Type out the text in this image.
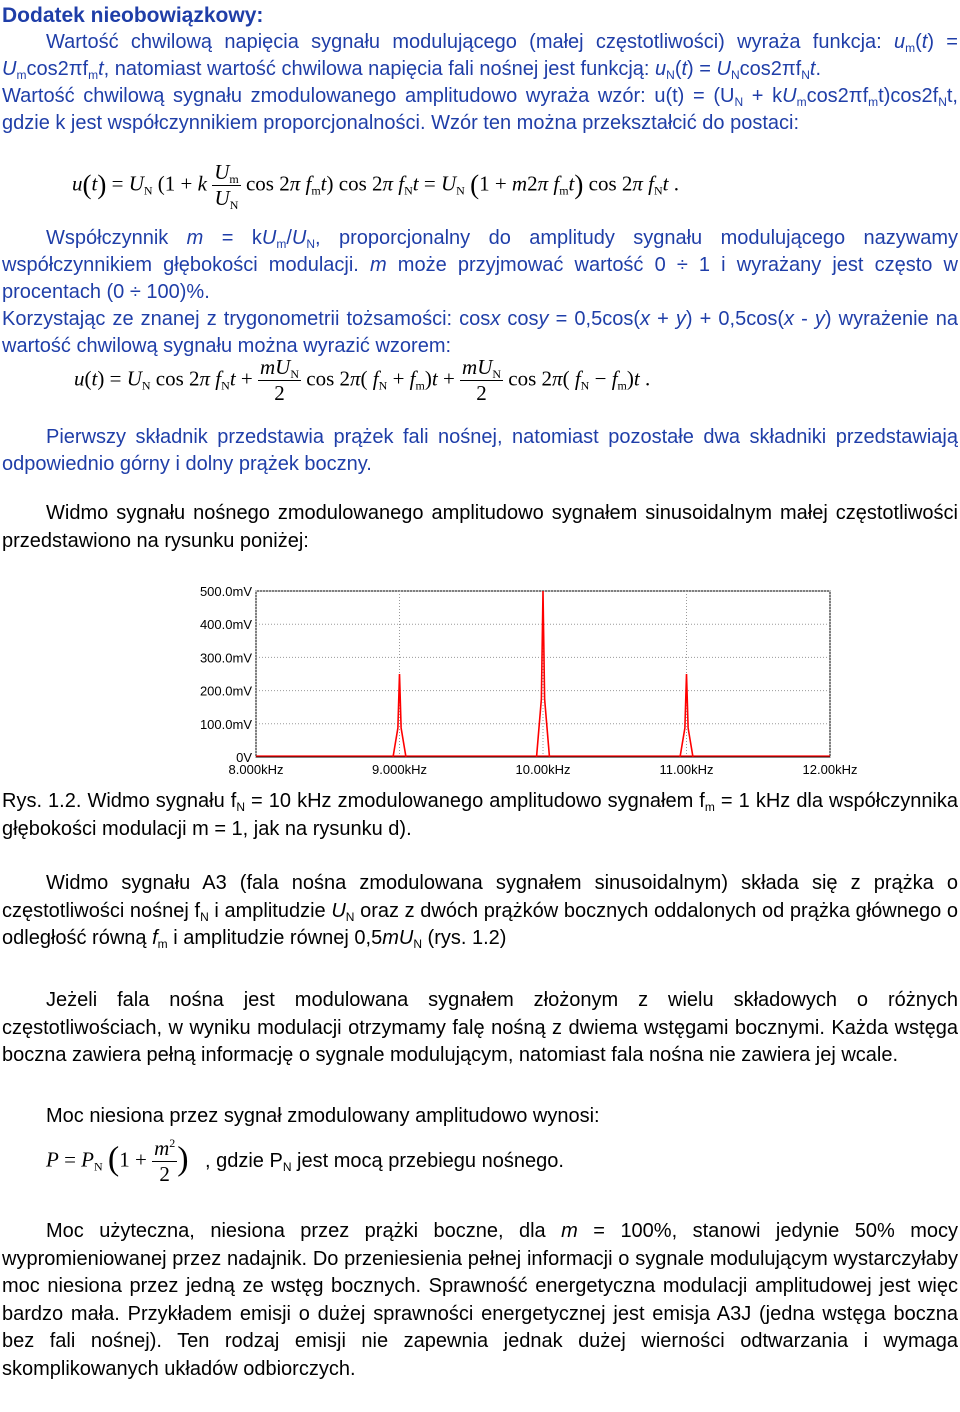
Dodatek nieobowiązkowy:
Wartość chwilową napięcia sygnału modulującego (małej częstotliwości) wyraża funkcja: $u_m(t) = U_m\cos 2\pi f_mt$, natomiast wartość chwilowa napięcia fali nośnej jest funkcją: $u_N(t) = U_N\cos 2\pi f_Nt$.
Wartość chwilową sygnału zmodulowanego amplitudowo wyraża wzór: $u(t) = (U_N + kU_m\cos 2\pi f_mt)\cos 2f_Nt$, gdzie k jest współczynnikiem proporcjonalności. Wzór ten można przekształcić do postaci:
$u(t) = U_N$ (1 + k $\frac{U_m}{U_N}$ cos 2π $f_mt$) cos 2π $f_Nt = U_N$ (1 + m2π $f_mt$) cos 2π $f_Nt$ .
Współczynnik $m = kU_m/U_N$, proporcjonalny do amplitudy sygnału modulującego nazywamy współczynnikiem głębokości modulacji. m może przyjmować wartość 0 ÷ 1 i wyrażany jest często w procentach (0 ÷ 100)%.
Korzystając ze znanej z trygonometrii tożsamości: cosx cosy = 0,5cos(x + y) + 0,5cos(x - y) wyrażenie na wartość chwilową sygnału można wyrazić wzorem:
$u(t) = U_N$ cos 2π $f_Nt + \frac{mU_N}{2}$ cos 2π( $f_N + f_m)t + \frac{mU_N}{2}$ cos 2π( $f_N - f_m)t$ .
Pierwszy składnik przedstawia prążek fali nośnej, natomiast pozostałe dwa składniki przedstawiają odpowiednio górny i dolny prążek boczny.
Widmo sygnału nośnego zmodulowanego amplitudowo sygnałem sinusoidalnym małej częstotliwości przedstawiono na rysunku poniżej:
8.000kHz	9.000kHz	10.00kHz	11.00kHz	12.00kHz
0V
100.0mV
200.0mV
300.0mV
400.0mV
500.0mV
Rys. 1.2. Widmo sygnału $f_N = 10$ kHz zmodulowanego amplitudowo sygnałem $f_m = 1$ kHz dla współczynnika głębokości modulacji m = 1, jak na rysunku d).
Widmo sygnału A3 (fala nośna zmodulowana sygnałem sinusoidalnym) składa się z prążka o częstotliwości nośnej $f_N$ i amplitudzie $U_N$ oraz z dwóch prążków bocznych oddalonych od prążka głównego o odległość równą $f_m$ i amplitudzie równej $0,5mU_N$ (rys. 1.2)
Jeżeli fala nośna jest modulowana sygnałem złożonym z wielu składowych o różnych częstotliwościach, w wyniku modulacji otrzymamy falę nośną z dwiema wstęgami bocznymi. Każda wstęga boczna zawiera pełną informację o sygnale modulującym, natomiast fala nośna nie zawiera jej wcale.
Moc niesiona przez sygnał zmodulowany amplitudowo wynosi:
$P = P_N$ ($1 + \frac{m^2}{2}$ ) , gdzie $P_N$ jest mocą przebiegu nośnego.
Moc użyteczna, niesiona przez prążki boczne, dla m = 100%, stanowi jedynie 50% mocy wypromieniowanej przez nadajnik. Do przeniesienia pełnej informacji o sygnale modulującym wystarczyłaby moc niesiona przez jedną ze wstęg bocznych. Sprawność energetyczna modulacji amplitudowej jest więc bardzo mała. Przykładem emisji o dużej sprawności energetycznej jest emisja A3J (jedna wstęga boczna bez fali nośnej). Ten rodzaj emisji nie zapewnia jednak dużej wierności odtwarzania i wymaga skomplikowanych układów odbiorczych.
